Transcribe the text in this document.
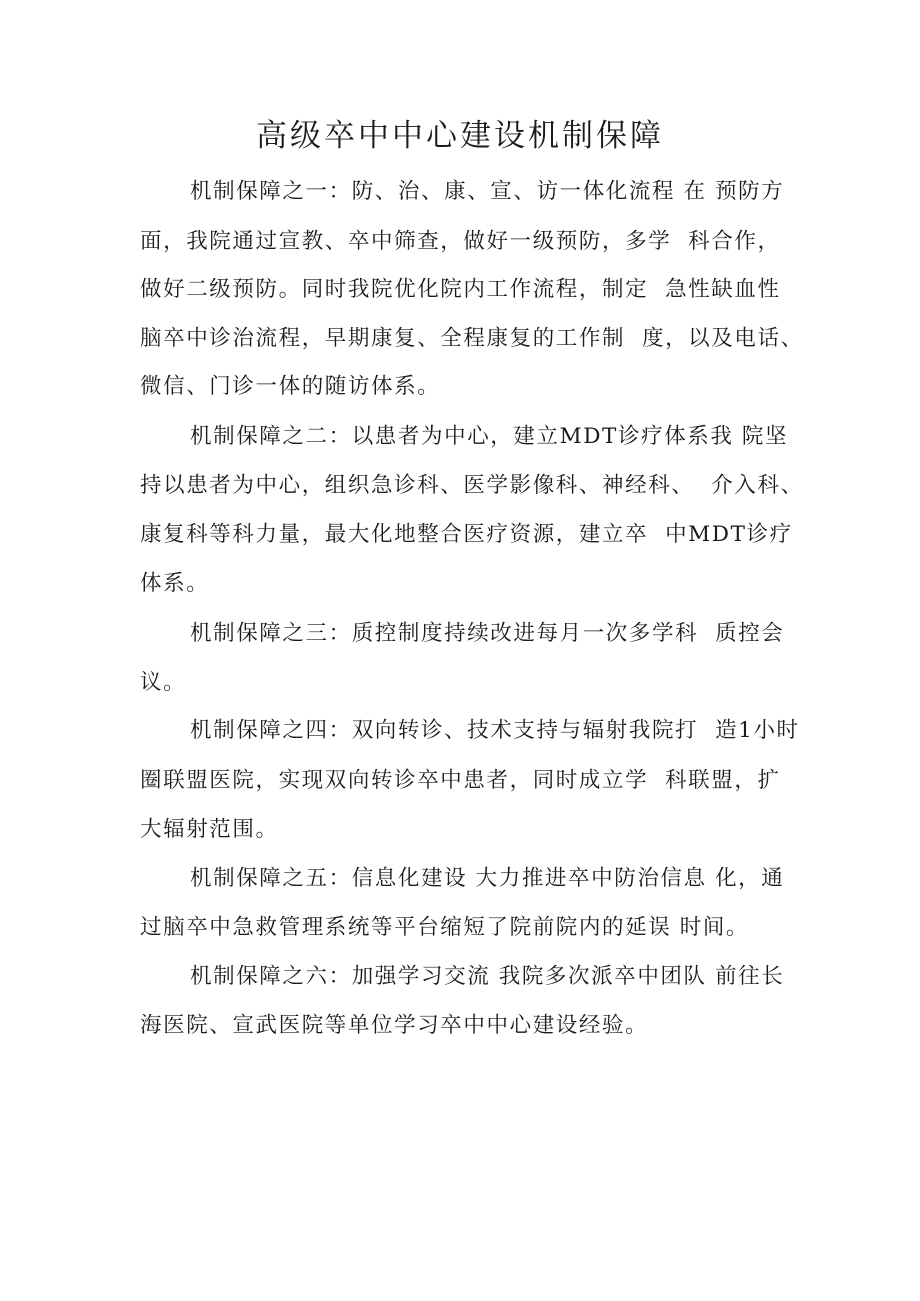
高级卒中中心建设机制保障

机制保障之一：防、治、康、宣、访一体化流程 在 预防方

面，我院通过宣教、卒中筛查，做好一级预防，多学  科合作，

做好二级预防。同时我院优化院内工作流程，制定  急性缺血性

脑卒中诊治流程，早期康复、全程康复的工作制  度，以及电话、

微信、门诊一体的随访体系。

机制保障之二：以患者为中心，建立MDT诊疗体系我 院坚

持以患者为中心，组织急诊科、医学影像科、神经科、  介入科、

康复科等科力量，最大化地整合医疗资源，建立卒  中MDT诊疗

体系。

机制保障之三：质控制度持续改进每月一次多学科  质控会

议。

机制保障之四：双向转诊、技术支持与辐射我院打  造1小时

圈联盟医院，实现双向转诊卒中患者，同时成立学  科联盟，扩

大辐射范围。

机制保障之五：信息化建设 大力推进卒中防治信息 化，通

过脑卒中急救管理系统等平台缩短了院前院内的延误 时间。

机制保障之六：加强学习交流 我院多次派卒中团队 前往长

海医院、宣武医院等单位学习卒中中心建设经验。
